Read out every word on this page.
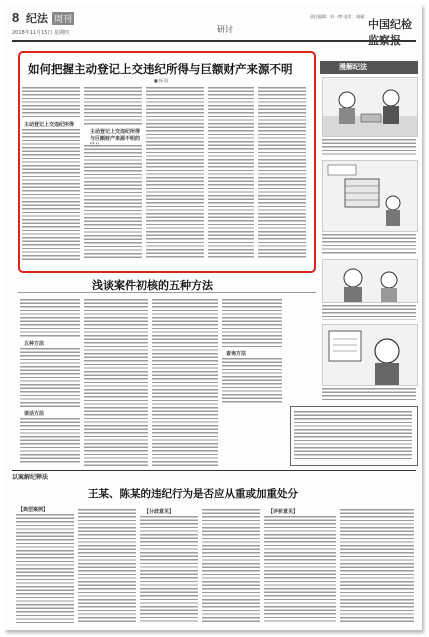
8 纪法 周刊
2018年11月15日 星期四	研讨
责任编辑：刘一博 电话： 邮箱：
中国纪检监察报
如何把握主动登记上交违纪所得与巨额财产来源不明
■ 杨 阳
主动登记上交违纪所得
主动登记上交违纪所得与巨额财产来源不明的
漫解纪法
浅谈案件初核的五种方法
五种方法
谈话方法
查询方法
以案解纪释法
王某、陈某的违纪行为是否应从重或加重处分
【典型案例】	【分歧意见】	【评析意见】
